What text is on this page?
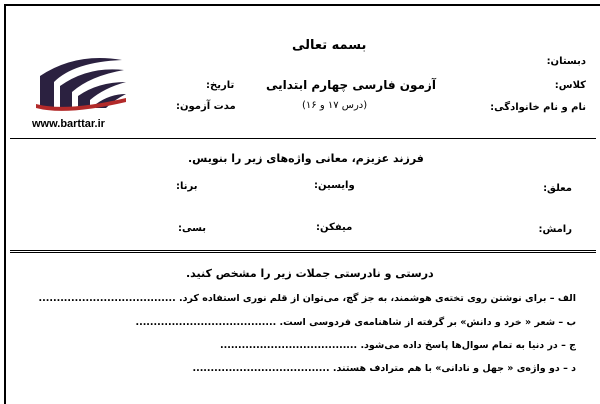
بسمه تعالی
دبستان:
کلاس:
نام و نام خانوادگی:
آزمون فارسی چهارم ابتدایی
(درس ۱۷ و ۱۶)
تاریخ:
مدت آزمون:
www.barttar.ir
فرزند عزیزم، معانی واژه‌های زیر را بنویس.
معلق:
وایسین:
برنا:
رامش:
میفکن:
بسی:
درستی و نادرستی جملات زیر را مشخص کنید.
الف – برای نوشتن روی تخته‌ی هوشمند، به جز گچ، می‌توان از قلم نوری استفاده کرد. ......................................
ب – شعر « خرد و دانش» بر گرفته از شاهنامه‌ی فردوسی است. .......................................
ج – در دنیا به تمام سوال‌ها پاسخ داده می‌شود. ......................................
د – دو واژه‌ی « جهل و نادانی» با هم مترادف هستند. ......................................
